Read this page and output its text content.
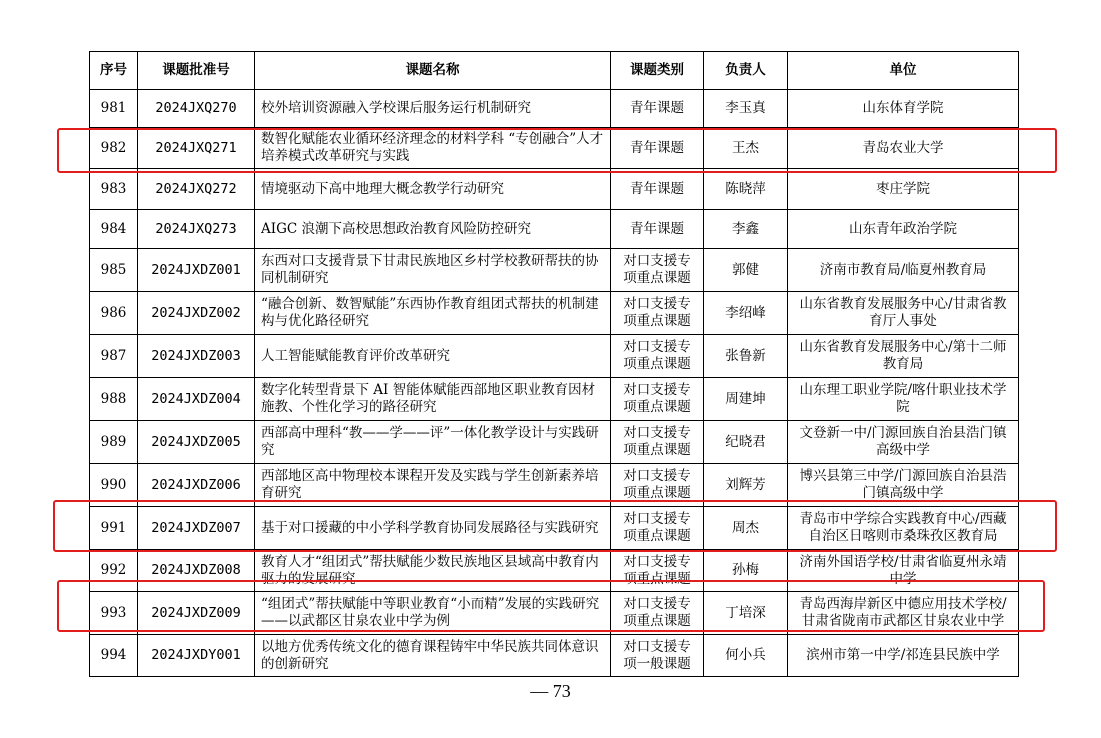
序号	课题批准号	课题名称	课题类别	负责人	单位

981	2024JXQ270	校外培训资源融入学校课后服务运行机制研究	青年课题	李玉真	山东体育学院

982	2024JXQ271	数智化赋能农业循环经济理念的材料学科 “专创融合”人才培养模式改革研究与实践	青年课题	王杰	青岛农业大学

983	2024JXQ272	情境驱动下高中地理大概念教学行动研究	青年课题	陈晓萍	枣庄学院

984	2024JXQ273	AIGC 浪潮下高校思想政治教育风险防控研究	青年课题	李鑫	山东青年政治学院

985	2024JXDZ001	东西对口支援背景下甘肃民族地区乡村学校教研帮扶的协同机制研究	对口支援专项重点课题	郭健	济南市教育局/临夏州教育局

986	2024JXDZ002	“融合创新、数智赋能”东西协作教育组团式帮扶的机制建构与优化路径研究	对口支援专项重点课题	李绍峰	山东省教育发展服务中心/甘肃省教育厅人事处

987	2024JXDZ003	人工智能赋能教育评价改革研究	对口支援专项重点课题	张鲁新	山东省教育发展服务中心/第十二师教育局

988	2024JXDZ004	数字化转型背景下 AI 智能体赋能西部地区职业教育因材施教、个性化学习的路径研究	对口支援专项重点课题	周建坤	山东理工职业学院/喀什职业技术学院

989	2024JXDZ005	西部高中理科“教——学——评”一体化教学设计与实践研究	对口支援专项重点课题	纪晓君	文登新一中/门源回族自治县浩门镇高级中学

990	2024JXDZ006	西部地区高中物理校本课程开发及实践与学生创新素养培育研究	对口支援专项重点课题	刘辉芳	博兴县第三中学/门源回族自治县浩门镇高级中学

991	2024JXDZ007	基于对口援藏的中小学科学教育协同发展路径与实践研究	对口支援专项重点课题	周杰	青岛市中学综合实践教育中心/西藏自治区日喀则市桑珠孜区教育局

992	2024JXDZ008	教育人才“组团式”帮扶赋能少数民族地区县域高中教育内驱力的发展研究	对口支援专项重点课题	孙梅	济南外国语学校/甘肃省临夏州永靖中学

993	2024JXDZ009	“组团式”帮扶赋能中等职业教育“小而精”发展的实践研究——以武都区甘泉农业中学为例	对口支援专项重点课题	丁培深	青岛西海岸新区中德应用技术学校/甘肃省陇南市武都区甘泉农业中学

994	2024JXDY001	以地方优秀传统文化的德育课程铸牢中华民族共同体意识的创新研究	对口支援专项一般课题	何小兵	滨州市第一中学/祁连县民族中学
— 73
